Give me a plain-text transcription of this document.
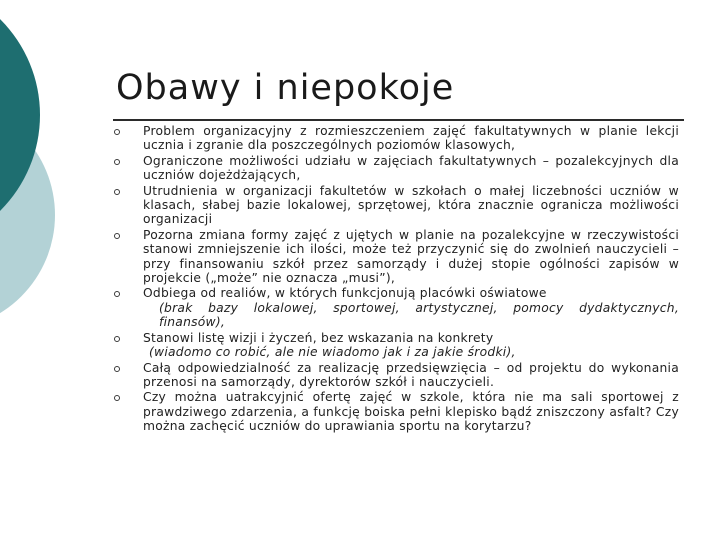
Obawy i niepokoje
Problem organizacyjny z rozmieszczeniem zajęć fakultatywnych w planie lekcji ucznia i zgranie dla poszczególnych poziomów klasowych,
Ograniczone możliwości udziału w zajęciach fakultatywnych – pozalekcyjnych dla uczniów dojeżdżających,
Utrudnienia w organizacji fakultetów w szkołach o małej liczebności uczniów w klasach, słabej bazie lokalowej, sprzętowej, która znacznie ogranicza możliwości organizacji
Pozorna zmiana formy zajęć z ujętych w planie na pozalekcyjne w rzeczywistości stanowi zmniejszenie ich ilości, może też przyczynić się do zwolnień nauczycieli – przy finansowaniu szkół przez samorządy i dużej stopie ogólności zapisów w projekcie („może” nie oznacza „musi”),
Odbiega od realiów, w których funkcjonują placówki oświatowe
(brak bazy lokalowej, sportowej, artystycznej, pomocy dydaktycznych, finansów),
Stanowi listę wizji i życzeń, bez wskazania na konkrety
(wiadomo co robić, ale nie wiadomo jak i za jakie środki),
Całą odpowiedzialność za realizację przedsięwzięcia – od projektu do wykonania przenosi na samorządy, dyrektorów szkół i nauczycieli.
Czy można uatrakcyjnić ofertę zajęć w szkole, która nie ma sali sportowej z prawdziwego zdarzenia, a funkcję boiska pełni klepisko bądź zniszczony asfalt? Czy można zachęcić uczniów do uprawiania sportu na korytarzu?
